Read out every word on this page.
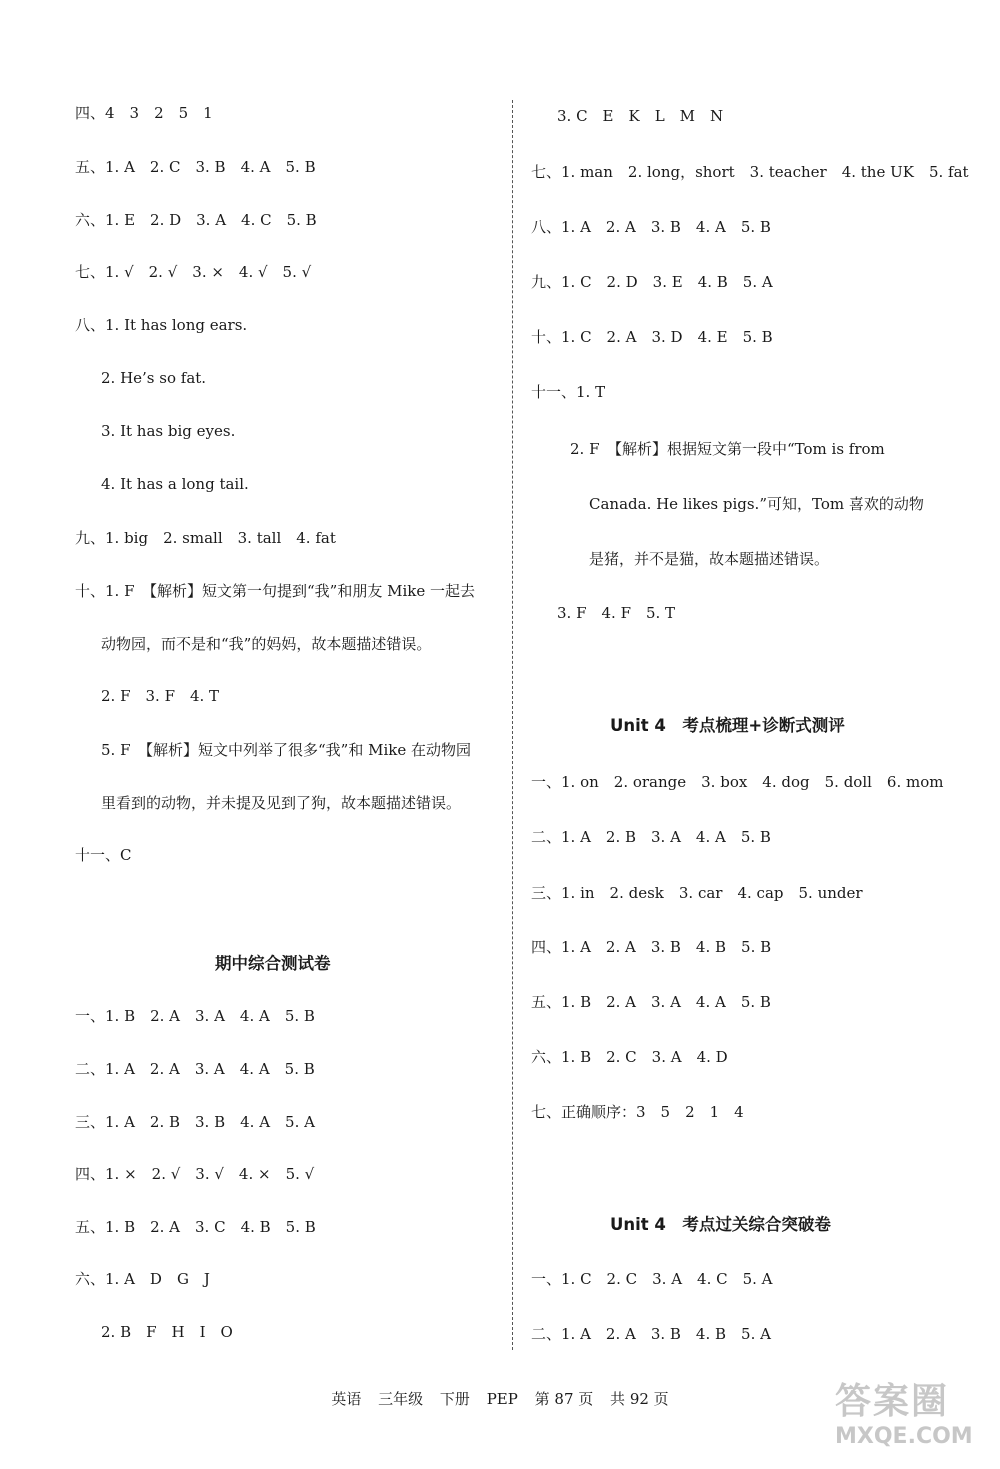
四、4　3　2　5　1
五、1. A　2. C　3. B　4. A　5. B
六、1. E　2. D　3. A　4. C　5. B
七、1. √　2. √　3. ×　4. √　5. √
八、1. It has long ears.
2. He’s so fat.
3. It has big eyes.
4. It has a long tail.
九、1. big　2. small　3. tall　4. fat
十、1. F　【解析】短文第一句提到“我”和朋友 Mike 一起去
动物园，而不是和“我”的妈妈，故本题描述错误。
2. F　3. F　4. T
5. F　【解析】短文中列举了很多“我”和 Mike 在动物园
里看到的动物，并未提及见到了狗，故本题描述错误。
十一、C
期中综合测试卷
一、1. B　2. A　3. A　4. A　5. B
二、1. A　2. A　3. A　4. A　5. B
三、1. A　2. B　3. B　4. A　5. A
四、1. ×　2. √　3. √　4. ×　5. √
五、1. B　2. A　3. C　4. B　5. B
六、1. A　D　G　J
2. B　F　H　I　O
3. C　E　K　L　M　N
七、1. man　2. long，short　3. teacher　4. the UK　5. fat
八、1. A　2. A　3. B　4. A　5. B
九、1. C　2. D　3. E　4. B　5. A
十、1. C　2. A　3. D　4. E　5. B
十一、1. T
2. F　【解析】根据短文第一段中“Tom is from
Canada. He likes pigs.”可知，Tom 喜欢的动物
是猪，并不是猫，故本题描述错误。
3. F　4. F　5. T
Unit 4　考点梳理+诊断式测评
一、1. on　2. orange　3. box　4. dog　5. doll　6. mom
二、1. A　2. B　3. A　4. A　5. B
三、1. in　2. desk　3. car　4. cap　5. under
四、1. A　2. A　3. B　4. B　5. B
五、1. B　2. A　3. A　4. A　5. B
六、1. B　2. C　3. A　4. D
七、正确顺序：3　5　2　1　4
Unit 4　考点过关综合突破卷
一、1. C　2. C　3. A　4. C　5. A
二、1. A　2. A　3. B　4. B　5. A
英语 三年级 下册 PEP 第 87 页 共 92 页	答案圈
MXQE.COM
